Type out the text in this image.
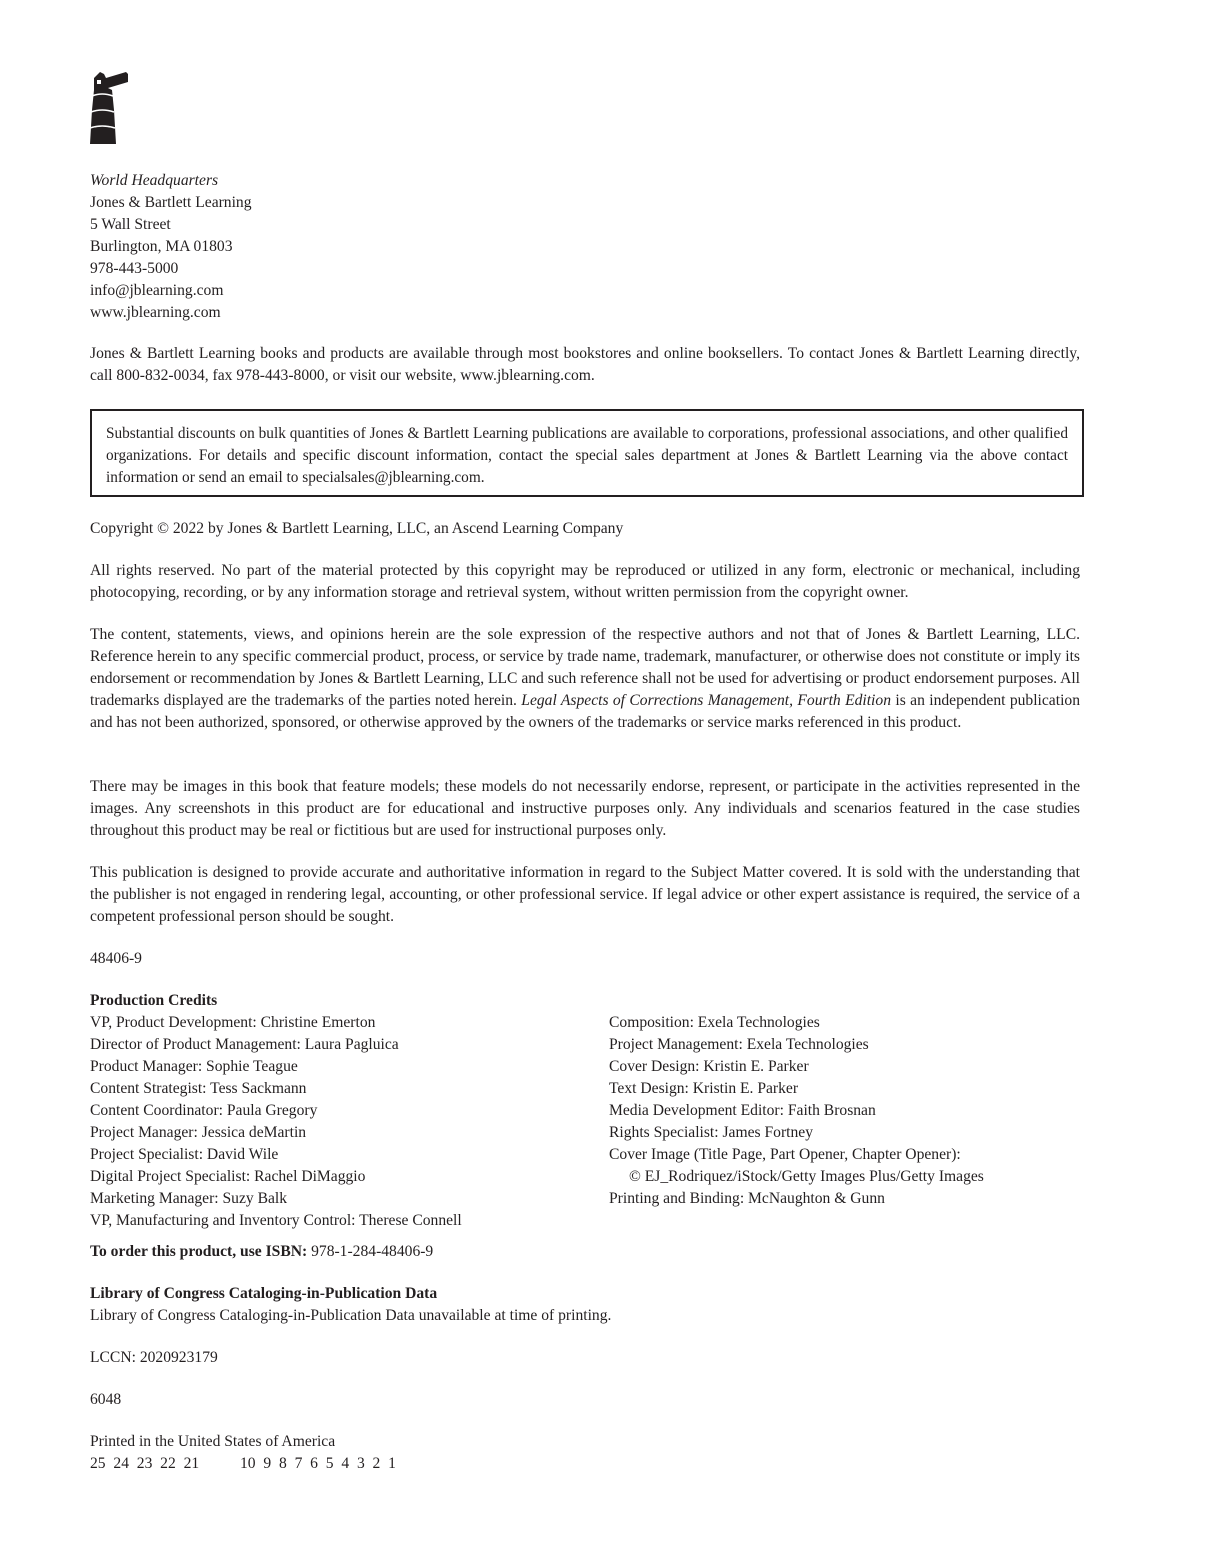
World Headquarters

Jones & Bartlett Learning

5 Wall Street

Burlington, MA 01803

978-443-5000

info@jblearning.com

www.jblearning.com

Jones & Bartlett Learning books and products are available through most bookstores and online booksellers. To contact Jones & Bartlett Learning directly, call 800-832-0034, fax 978-443-8000, or visit our website, www.jblearning.com.

Substantial discounts on bulk quantities of Jones & Bartlett Learning publications are available to corporations, professional associations, and other qualified organizations. For details and specific discount information, contact the special sales department at Jones & Bartlett Learning via the above contact information or send an email to specialsales@jblearning.com.

Copyright © 2022 by Jones & Bartlett Learning, LLC, an Ascend Learning Company

All rights reserved. No part of the material protected by this copyright may be reproduced or utilized in any form, electronic or mechanical, including photocopying, recording, or by any information storage and retrieval system, without written permission from the copyright owner.

The content, statements, views, and opinions herein are the sole expression of the respective authors and not that of Jones & Bartlett Learning, LLC. Reference herein to any specific commercial product, process, or service by trade name, trademark, manufacturer, or otherwise does not constitute or imply its endorsement or recommendation by Jones & Bartlett Learning, LLC and such reference shall not be used for advertising or product endorsement purposes. All trademarks displayed are the trademarks of the parties noted herein. Legal Aspects of Corrections Management, Fourth Edition is an independent publication and has not been authorized, sponsored, or otherwise approved by the owners of the trademarks or service marks referenced in this product.

There may be images in this book that feature models; these models do not necessarily endorse, represent, or participate in the activities represented in the images. Any screenshots in this product are for educational and instructive purposes only. Any individuals and scenarios featured in the case studies throughout this product may be real or fictitious but are used for instructional purposes only.

This publication is designed to provide accurate and authoritative information in regard to the Subject Matter covered. It is sold with the understanding that the publisher is not engaged in rendering legal, accounting, or other professional service. If legal advice or other expert assistance is required, the service of a competent professional person should be sought.

48406-9

Production Credits

VP, Product Development: Christine Emerton

Director of Product Management: Laura Pagluica

Product Manager: Sophie Teague

Content Strategist: Tess Sackmann

Content Coordinator: Paula Gregory

Project Manager: Jessica deMartin

Project Specialist: David Wile

Digital Project Specialist: Rachel DiMaggio

Marketing Manager: Suzy Balk

VP, Manufacturing and Inventory Control: Therese Connell

Composition: Exela Technologies

Project Management: Exela Technologies

Cover Design: Kristin E. Parker

Text Design: Kristin E. Parker

Media Development Editor: Faith Brosnan

Rights Specialist: James Fortney

Cover Image (Title Page, Part Opener, Chapter Opener):

© EJ_Rodriquez/iStock/Getty Images Plus/Getty Images

Printing and Binding: McNaughton & Gunn

To order this product, use ISBN: 978-1-284-48406-9

Library of Congress Cataloging-in-Publication Data

Library of Congress Cataloging-in-Publication Data unavailable at time of printing.

LCCN: 2020923179

6048

Printed in the United States of America

25  24  23  22  21	10  9  8  7  6  5  4  3  2  1
